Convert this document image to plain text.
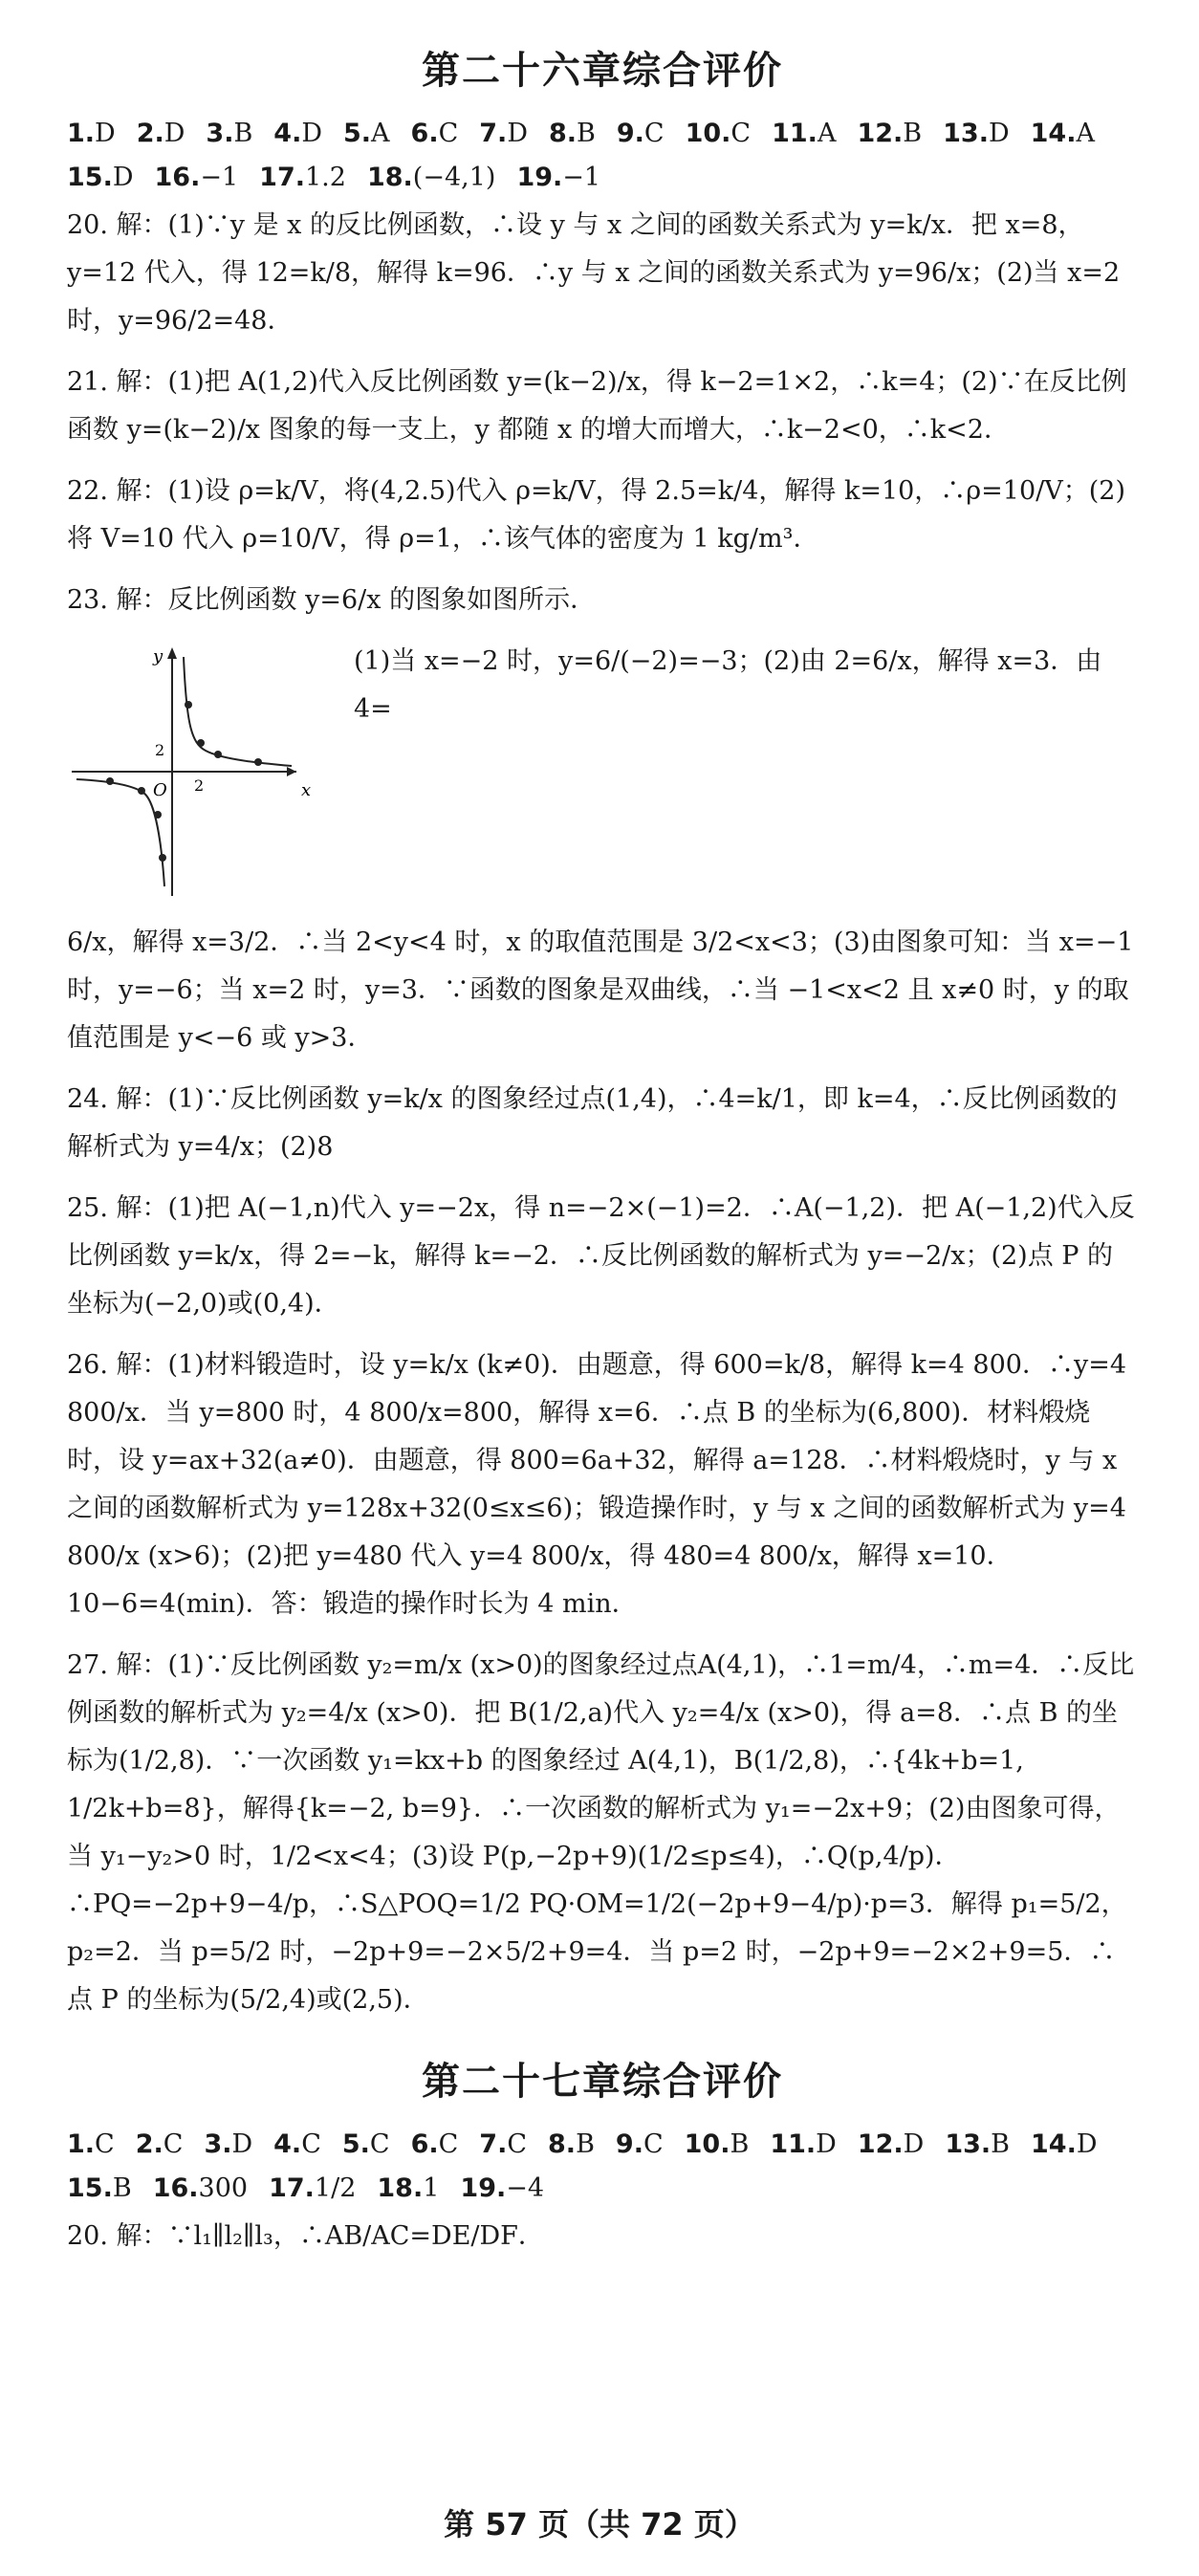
第二十六章综合评价
1.D 2.D 3.B 4.D 5.A 6.C 7.D 8.B 9.C 10.C 11.A 12.B 13.D 14.A15.D 16.−1 17.1.2 18.(−4,1) 19.−1

20. 解：(1)∵y 是 x 的反比例函数，∴设 y 与 x 之间的函数关系式为 y=k/x．把 x=8，y=12 代入，得 12=k/8，解得 k=96．∴y 与 x 之间的函数关系式为 y=96/x；(2)当 x=2 时，y=96/2=48．

21. 解：(1)把 A(1,2)代入反比例函数 y=(k−2)/x，得 k−2=1×2，∴k=4；(2)∵在反比例函数 y=(k−2)/x 图象的每一支上，y 都随 x 的增大而增大，∴k−2<0，∴k<2．

22. 解：(1)设 ρ=k/V，将(4,2.5)代入 ρ=k/V，得 2.5=k/4，解得 k=10，∴ρ=10/V；(2)将 V=10 代入 ρ=10/V，得 ρ=1，∴该气体的密度为 1 kg/m³．

23. 解：反比例函数 y=6/x 的图象如图所示．

x
y
O 2
2
(1)当 x=−2 时，y=6/(−2)=−3；(2)由 2=6/x，解得 x=3．由 4=

6/x，解得 x=3/2．∴当 2<y<4 时，x 的取值范围是 3/2<x<3；(3)由图象可知：当 x=−1 时，y=−6；当 x=2 时，y=3．∵函数的图象是双曲线，∴当 −1<x<2 且 x≠0 时，y 的取值范围是 y<−6 或 y>3．

24. 解：(1)∵反比例函数 y=k/x 的图象经过点(1,4)，∴4=k/1，即 k=4，∴反比例函数的解析式为 y=4/x；(2)8

25. 解：(1)把 A(−1,n)代入 y=−2x，得 n=−2×(−1)=2．∴A(−1,2)．把 A(−1,2)代入反比例函数 y=k/x，得 2=−k，解得 k=−2．∴反比例函数的解析式为 y=−2/x；(2)点 P 的坐标为(−2,0)或(0,4)．

26. 解：(1)材料锻造时，设 y=k/x (k≠0)．由题意，得 600=k/8，解得 k=4 800．∴y=4 800/x．当 y=800 时，4 800/x=800，解得 x=6．∴点 B 的坐标为(6,800)．材料煅烧时，设 y=ax+32(a≠0)．由题意，得 800=6a+32，解得 a=128．∴材料煅烧时，y 与 x 之间的函数解析式为 y=128x+32(0≤x≤6)；锻造操作时，y 与 x 之间的函数解析式为 y=4 800/x (x>6)；(2)把 y=480 代入 y=4 800/x，得 480=4 800/x，解得 x=10．10−6=4(min)．答：锻造的操作时长为 4 min．

27. 解：(1)∵反比例函数 y₂=m/x (x>0)的图象经过点A(4,1)，∴1=m/4，∴m=4．∴反比例函数的解析式为 y₂=4/x (x>0)．把 B(1/2,a)代入 y₂=4/x (x>0)，得 a=8．∴点 B 的坐标为(1/2,8)．∵一次函数 y₁=kx+b 的图象经过 A(4,1)，B(1/2,8)，∴{4k+b=1, 1/2k+b=8}，解得{k=−2, b=9}．∴一次函数的解析式为 y₁=−2x+9；(2)由图象可得，当 y₁−y₂>0 时，1/2<x<4；(3)设 P(p,−2p+9)(1/2≤p≤4)，∴Q(p,4/p)．∴PQ=−2p+9−4/p，∴S△POQ=1/2 PQ·OM=1/2(−2p+9−4/p)·p=3．解得 p₁=5/2，p₂=2．当 p=5/2 时，−2p+9=−2×5/2+9=4．当 p=2 时，−2p+9=−2×2+9=5．∴点 P 的坐标为(5/2,4)或(2,5)．

第二十七章综合评价
1.C 2.C 3.D 4.C 5.C 6.C 7.C 8.B 9.C 10.B 11.D 12.D 13.B 14.D15.B 16.300 17.1/2 18.1 19.−4

20. 解：∵l₁∥l₂∥l₃，∴AB/AC=DE/DF．

第 57 页（共 72 页）
